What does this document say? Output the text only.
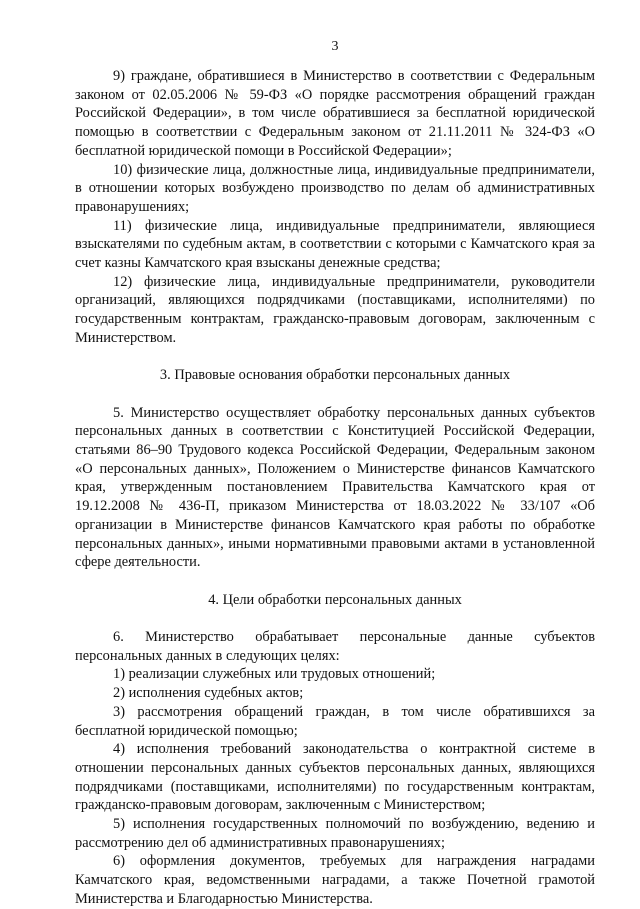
3

9) граждане, обратившиеся в Министерство в соответствии с Федеральным законом от 02.05.2006 № 59-ФЗ «О порядке рассмотрения обращений граждан Российской Федерации», в том числе обратившиеся за бесплатной юридической помощью в соответствии с Федеральным законом от 21.11.2011 № 324-ФЗ «О бесплатной юридической помощи в Российской Федерации»;

10) физические лица, должностные лица, индивидуальные предприниматели, в отношении которых возбуждено производство по делам об административных правонарушениях;

11) физические лица, индивидуальные предприниматели, являющиеся взыскателями по судебным актам, в соответствии с которыми с Камчатского края за счет казны Камчатского края взысканы денежные средства;

12) физические лица, индивидуальные предприниматели, руководители организаций, являющихся подрядчиками (поставщиками, исполнителями) по государственным контрактам, гражданско-правовым договорам, заключенным с Министерством.

3. Правовые основания обработки персональных данных

5. Министерство осуществляет обработку персональных данных субъектов персональных данных в соответствии с Конституцией Российской Федерации, статьями 86–90 Трудового кодекса Российской Федерации, Федеральным законом «О персональных данных», Положением о Министерстве финансов Камчатского края, утвержденным постановлением Правительства Камчатского края от 19.12.2008 № 436-П, приказом Министерства от 18.03.2022 № 33/107 «Об организации в Министерстве финансов Камчатского края работы по обработке персональных данных», иными нормативными правовыми актами в установленной сфере деятельности.

4. Цели обработки персональных данных

6. Министерство обрабатывает персональные данные субъектов персональных данных в следующих целях:

1) реализации служебных или трудовых отношений;

2) исполнения судебных актов;

3) рассмотрения обращений граждан, в том числе обратившихся за бесплатной юридической помощью;

4) исполнения требований законодательства о контрактной системе в отношении персональных данных субъектов персональных данных, являющихся подрядчиками (поставщиками, исполнителями) по государственным контрактам, гражданско-правовым договорам, заключенным с Министерством;

5) исполнения государственных полномочий по возбуждению, ведению и рассмотрению дел об административных правонарушениях;

6) оформления документов, требуемых для награждения наградами Камчатского края, ведомственными наградами, а также Почетной грамотой Министерства и Благодарностью Министерства.
